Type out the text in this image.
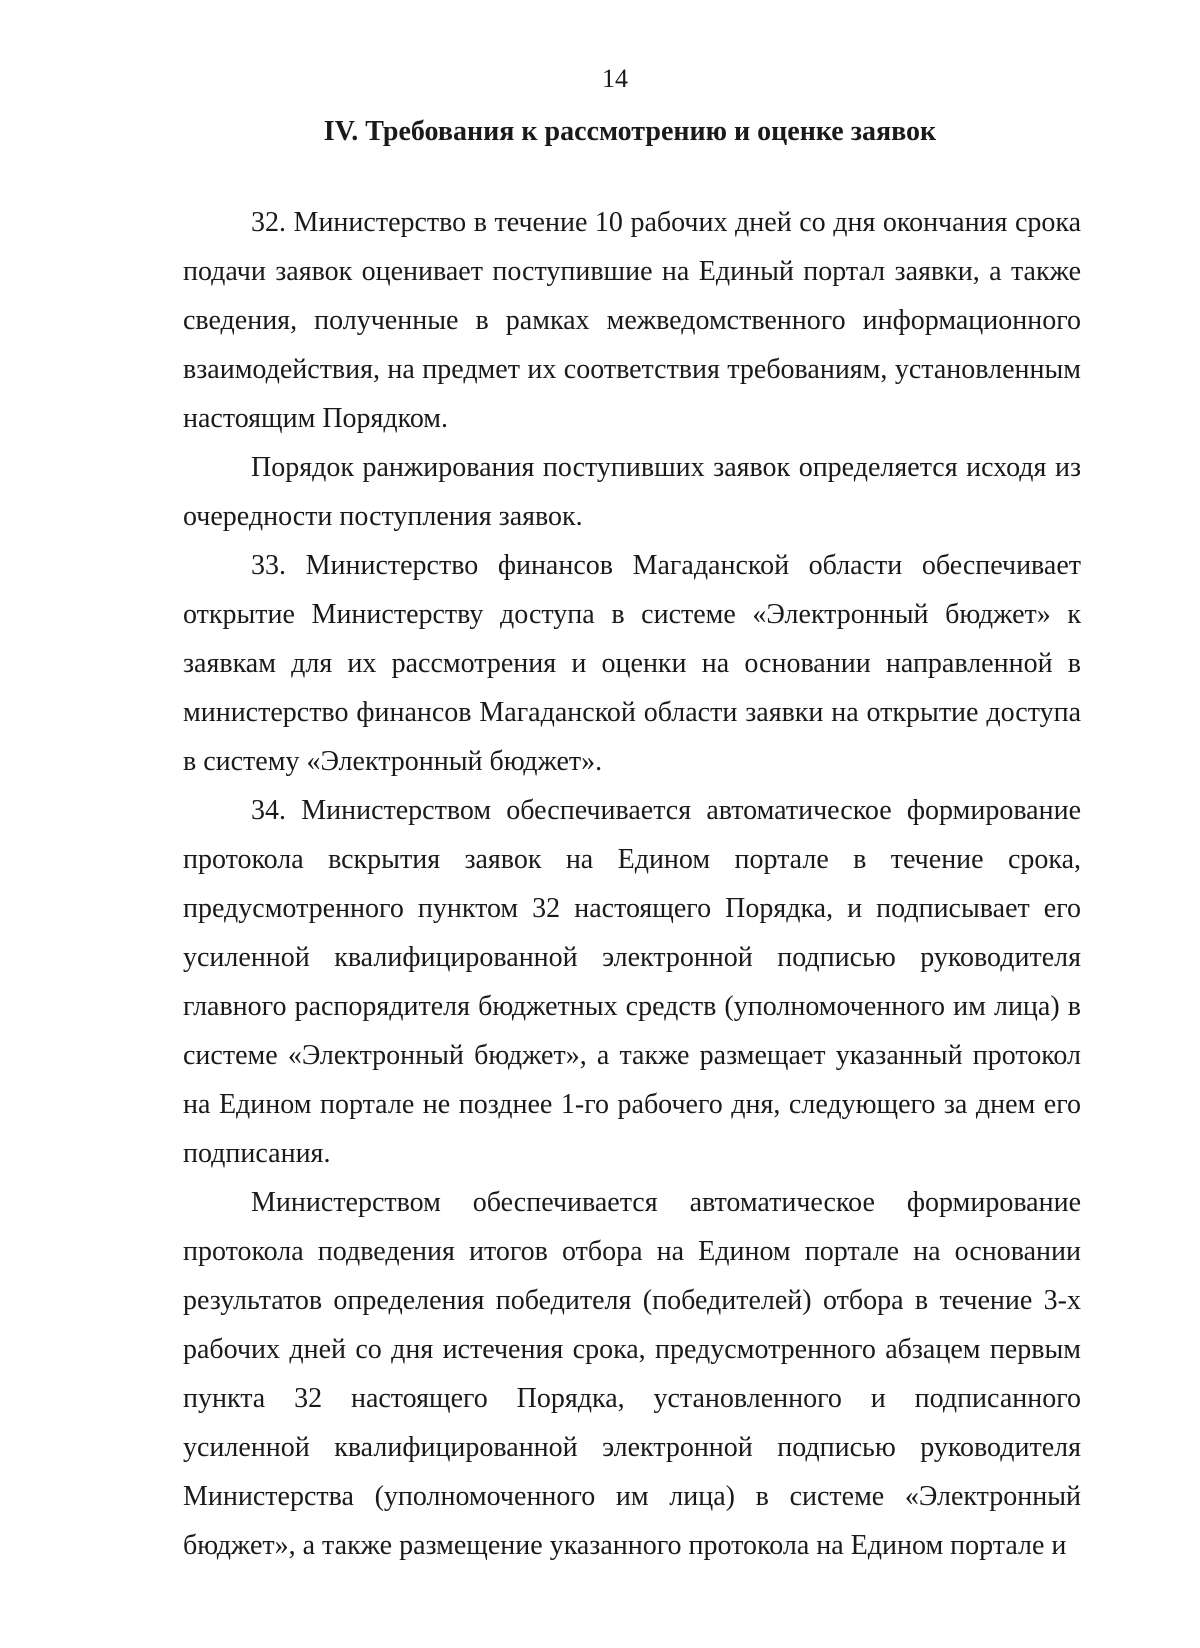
14
IV. Требования к рассмотрению и оценке заявок

32. Министерство в течение 10 рабочих дней со дня окончания срока подачи заявок оценивает поступившие на Единый портал заявки, а также сведения, полученные в рамках межведомственного информационного взаимодействия, на предмет их соответствия требованиям, установленным настоящим Порядком.

Порядок ранжирования поступивших заявок определяется исходя из очередности поступления заявок.

33. Министерство финансов Магаданской области обеспечивает открытие Министерству доступа в системе «Электронный бюджет» к заявкам для их рассмотрения и оценки на основании направленной в министерство финансов Магаданской области заявки на открытие доступа в систему «Электронный бюджет».

34. Министерством обеспечивается автоматическое формирование протокола вскрытия заявок на Едином портале в течение срока, предусмотренного пунктом 32 настоящего Порядка, и подписывает его усиленной квалифицированной электронной подписью руководителя главного распорядителя бюджетных средств (уполномоченного им лица) в системе «Электронный бюджет», а также размещает указанный протокол на Едином портале не позднее 1-го рабочего дня, следующего за днем его подписания.

Министерством обеспечивается автоматическое формирование протокола подведения итогов отбора на Едином портале на основании результатов определения победителя (победителей) отбора в течение 3-х рабочих дней со дня истечения срока, предусмотренного абзацем первым пункта 32 настоящего Порядка, установленного и подписанного усиленной квалифицированной электронной подписью руководителя Министерства (уполномоченного им лица) в системе «Электронный бюджет», а также размещение указанного протокола на Едином портале и
